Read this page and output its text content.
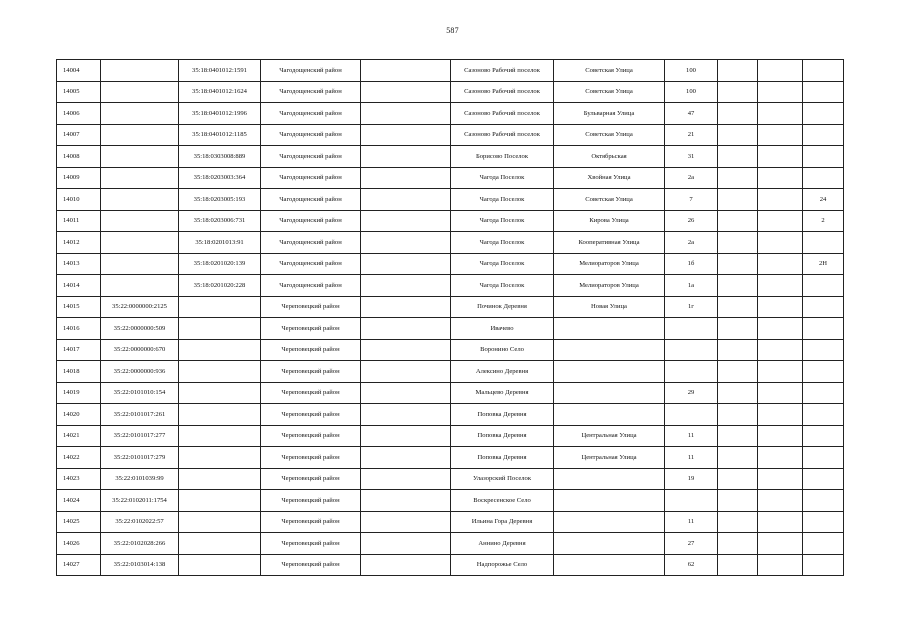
587
14004		35:18:0401012:1591	Чагодощенский район		Сазоново Рабочий поселок	Советская Улица	100			
14005		35:18:0401012:1624	Чагодощенский район		Сазоново Рабочий поселок	Советская Улица	100			
14006		35:18:0401012:1996	Чагодощенский район		Сазоново Рабочий поселок	Бульварная Улица	47			
14007		35:18:0401012:1185	Чагодощенский район		Сазоново Рабочий поселок	Советская Улица	21			
14008		35:18:0303008:889	Чагодощенский район		Борисово Поселок	Октябрьская	31			
14009		35:18:0203003:364	Чагодощенский район		Чагода Поселок	Хвойная Улица	2а			
14010		35:18:0203005:193	Чагодощенский район		Чагода Поселок	Советская Улица	7			24
14011		35:18:0203006:731	Чагодощенский район		Чагода Поселок	Кирова Улица	26			2
14012		35:18:0201013:91	Чагодощенский район		Чагода Поселок	Кооперативная Улица	2а			
14013		35:18:0201020:139	Чагодощенский район		Чагода Поселок	Мелиораторов Улица	1б			2Н
14014		35:18:0201020:228	Чагодощенский район		Чагода Поселок	Мелиораторов Улица	1а			
14015	35:22:0000000:2125		Череповецкий район		Починок Деревня	Новая Улица	1г			
14016	35:22:0000000:509		Череповецкий район		Ивачево					
14017	35:22:0000000:670		Череповецкий район		Воронино Село					
14018	35:22:0000000:936		Череповецкий район		Алексино Деревня					
14019	35:22:0101010:154		Череповецкий район		Мальцево Деревня		29			
14020	35:22:0101017:261		Череповецкий район		Поповка Деревня					
14021	35:22:0101017:277		Череповецкий район		Поповка Деревня	Центральная Улица	11			
14022	35:22:0101017:279		Череповецкий район		Поповка Деревня	Центральная Улица	11			
14023	35:22:0101039:99		Череповецкий район		Улазорский Поселок		19			
14024	35:22:0102011:1754		Череповецкий район		Воскресенское Село					
14025	35:22:0102022:57		Череповецкий район		Ильина Гора Деревня		11			
14026	35:22:0102028:266		Череповецкий район		Аннино Деревня		27			
14027	35:22:0103014:138		Череповецкий район		Надпорожье Село		62			
